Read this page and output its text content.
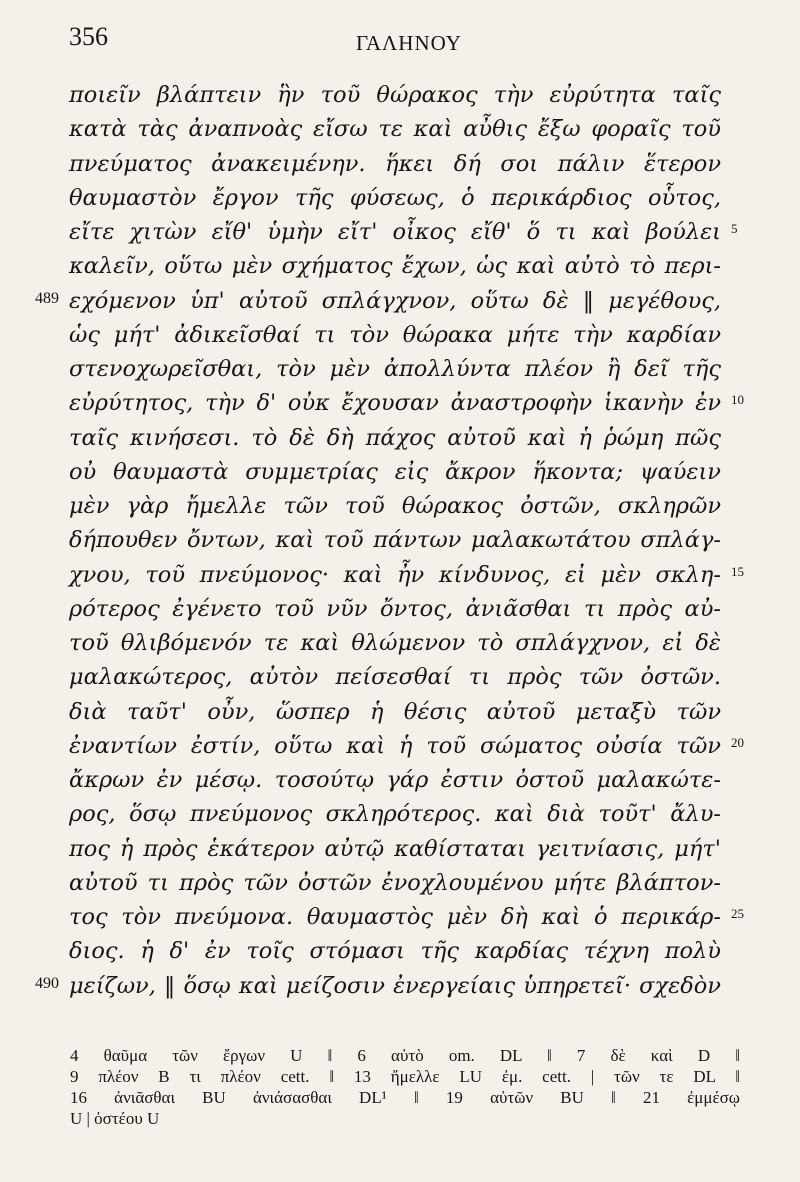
356	ΓΑΛΗΝΟΥ
ποιεῖν βλάπτειν ἣν τοῦ θώρακος τὴν εὐρύτητα ταῖς
κατὰ τὰς ἀναπνοὰς εἴσω τε καὶ αὖθις ἔξω φοραῖς τοῦ
πνεύματος ἀνακειμένην. ἥκει δή σοι πάλιν ἕτερον
θαυμαστὸν ἔργον τῆς φύσεως, ὁ περικάρδιος οὗτος,
εἴτε χιτὼν εἴθ' ὑμὴν εἴτ' οἶκος εἴθ' ὅ τι καὶ βούλει 5
καλεῖν, οὕτω μὲν σχήματος ἔχων, ὡς καὶ αὐτὸ τὸ περι-
489 εχόμενον ὑπ' αὐτοῦ σπλάγχνον, οὕτω δὲ ‖ μεγέθους,
ὡς μήτ' ἀδικεῖσθαί τι τὸν θώρακα μήτε τὴν καρδίαν
στενοχωρεῖσθαι, τὸν μὲν ἀπολλύντα πλέον ἢ δεῖ τῆς
εὐρύτητος, τὴν δ' οὐκ ἔχουσαν ἀναστροφὴν ἱκανὴν ἐν 10
ταῖς κινήσεσι. τὸ δὲ δὴ πάχος αὐτοῦ καὶ ἡ ῥώμη πῶς
οὐ θαυμαστὰ συμμετρίας εἰς ἄκρον ἥκοντα; ψαύειν
μὲν γὰρ ἤμελλε τῶν τοῦ θώρακος ὀστῶν, σκληρῶν
δήπουθεν ὄντων, καὶ τοῦ πάντων μαλακωτάτου σπλάγ-
χνου, τοῦ πνεύμονος· καὶ ἦν κίνδυνος, εἰ μὲν σκλη- 15
ρότερος ἐγένετο τοῦ νῦν ὄντος, ἀνιᾶσθαι τι πρὸς αὐ-
τοῦ θλιβόμενόν τε καὶ θλώμενον τὸ σπλάγχνον, εἰ δὲ
μαλακώτερος, αὐτὸν πείσεσθαί τι πρὸς τῶν ὀστῶν.
διὰ ταῦτ' οὖν, ὥσπερ ἡ θέσις αὐτοῦ μεταξὺ τῶν
ἐναντίων ἐστίν, οὕτω καὶ ἡ τοῦ σώματος οὐσία τῶν 20
ἄκρων ἐν μέσῳ. τοσούτῳ γάρ ἐστιν ὀστοῦ μαλακώτε-
ρος, ὅσῳ πνεύμονος σκληρότερος. καὶ διὰ τοῦτ' ἄλυ-
πος ἡ πρὸς ἑκάτερον αὐτῷ καθίσταται γειτνίασις, μήτ'
αὐτοῦ τι πρὸς τῶν ὀστῶν ἐνοχλουμένου μήτε βλάπτον-
τος τὸν πνεύμονα. θαυμαστὸς μὲν δὴ καὶ ὁ περικάρ- 25
διος. ἡ δ' ἐν τοῖς στόμασι τῆς καρδίας τέχνη πολὺ
490 μείζων, ‖ ὅσῳ καὶ μείζοσιν ἐνεργείαις ὑπηρετεῖ· σχεδὸν
4 θαῦμα τῶν ἔργων U ‖ 6 αὐτὸ om. DL ‖ 7 δὲ καὶ D ‖
9 πλέον B τι πλέον cett. ‖ 13 ἤμελλε LU ἐμ. cett. | τῶν τε DL ‖
16 ἀνιᾶσθαι BU ἀνιάσασθαι DL¹ ‖ 19 αὐτῶν BU ‖ 21 ἐμμέσῳ
U | ὀστέου U
